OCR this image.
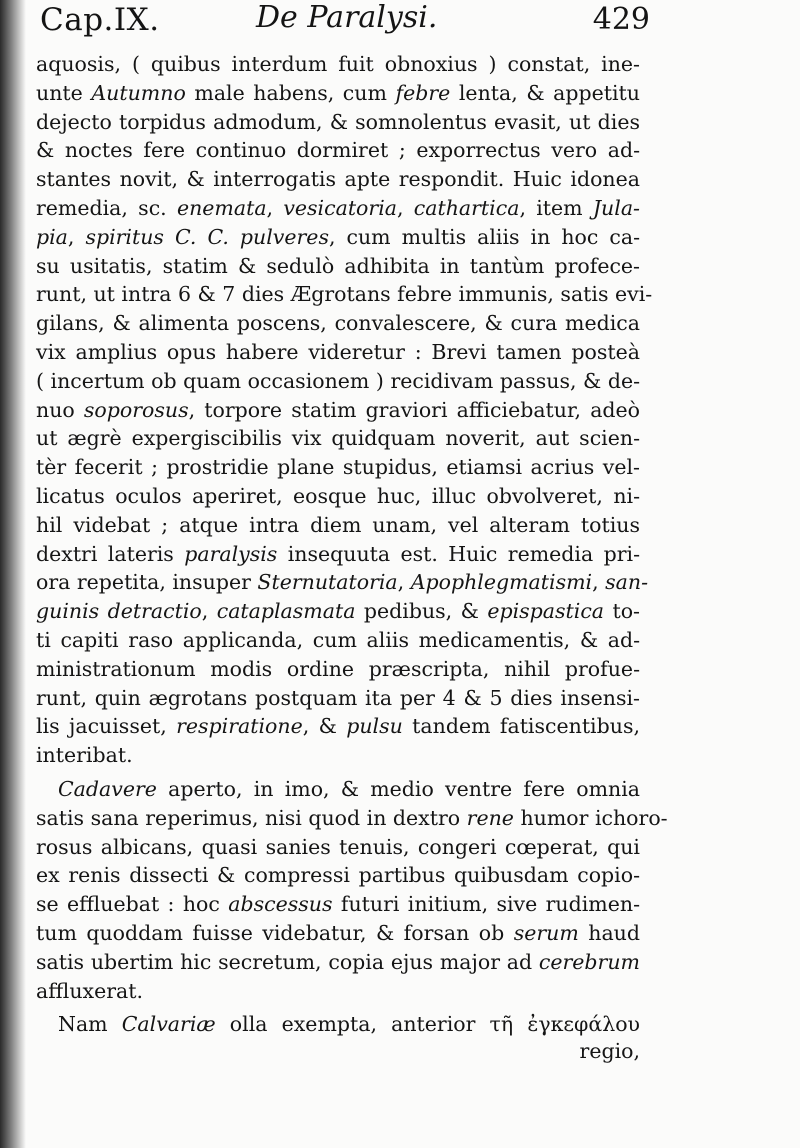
Cap.IX.	De Paralysi.	429
aquosis, ( quibus interdum fuit obnoxius ) constat, ine-
unte Autumno male habens, cum febre lenta, & appetitu
dejecto torpidus admodum, & somnolentus evasit, ut dies
& noctes fere continuo dormiret ; exporrectus vero ad-
stantes novit, & interrogatis apte respondit. Huic idonea
remedia, sc. enemata, vesicatoria, cathartica, item Jula-
pia, spiritus C. C. pulveres, cum multis aliis in hoc ca-
su usitatis, statim & sedulò adhibita in tantùm profece-
runt, ut intra 6 & 7 dies Ægrotans febre immunis, satis evi-
gilans, & alimenta poscens, convalescere, & cura medica
vix amplius opus habere videretur : Brevi tamen posteà
( incertum ob quam occasionem ) recidivam passus, & de-
nuo soporosus, torpore statim graviori afficiebatur, adeò
ut ægrè expergiscibilis vix quidquam noverit, aut scien-
tèr fecerit ; prostridie plane stupidus, etiamsi acrius vel-
licatus oculos aperiret, eosque huc, illuc obvolveret, ni-
hil videbat ; atque intra diem unam, vel alteram totius
dextri lateris paralysis insequuta est. Huic remedia pri-
ora repetita, insuper Sternutatoria, Apophlegmatismi, san-
guinis detractio, cataplasmata pedibus, & epispastica to-
ti capiti raso applicanda, cum aliis medicamentis, & ad-
ministrationum modis ordine præscripta, nihil profue-
runt, quin ægrotans postquam ita per 4 & 5 dies insensi-
lis jacuisset, respiratione, & pulsu tandem fatiscentibus,
interibat.
Cadavere aperto, in imo, & medio ventre fere omnia
satis sana reperimus, nisi quod in dextro rene humor ichoro-
rosus albicans, quasi sanies tenuis, congeri cœperat, qui
ex renis dissecti & compressi partibus quibusdam copio-
se effluebat : hoc abscessus futuri initium, sive rudimen-
tum quoddam fuisse videbatur, & forsan ob serum haud
satis ubertim hic secretum, copia ejus major ad cerebrum
affluxerat.
Nam Calvariæ olla exempta, anterior τῆ ἐγκεφάλου
regio,
